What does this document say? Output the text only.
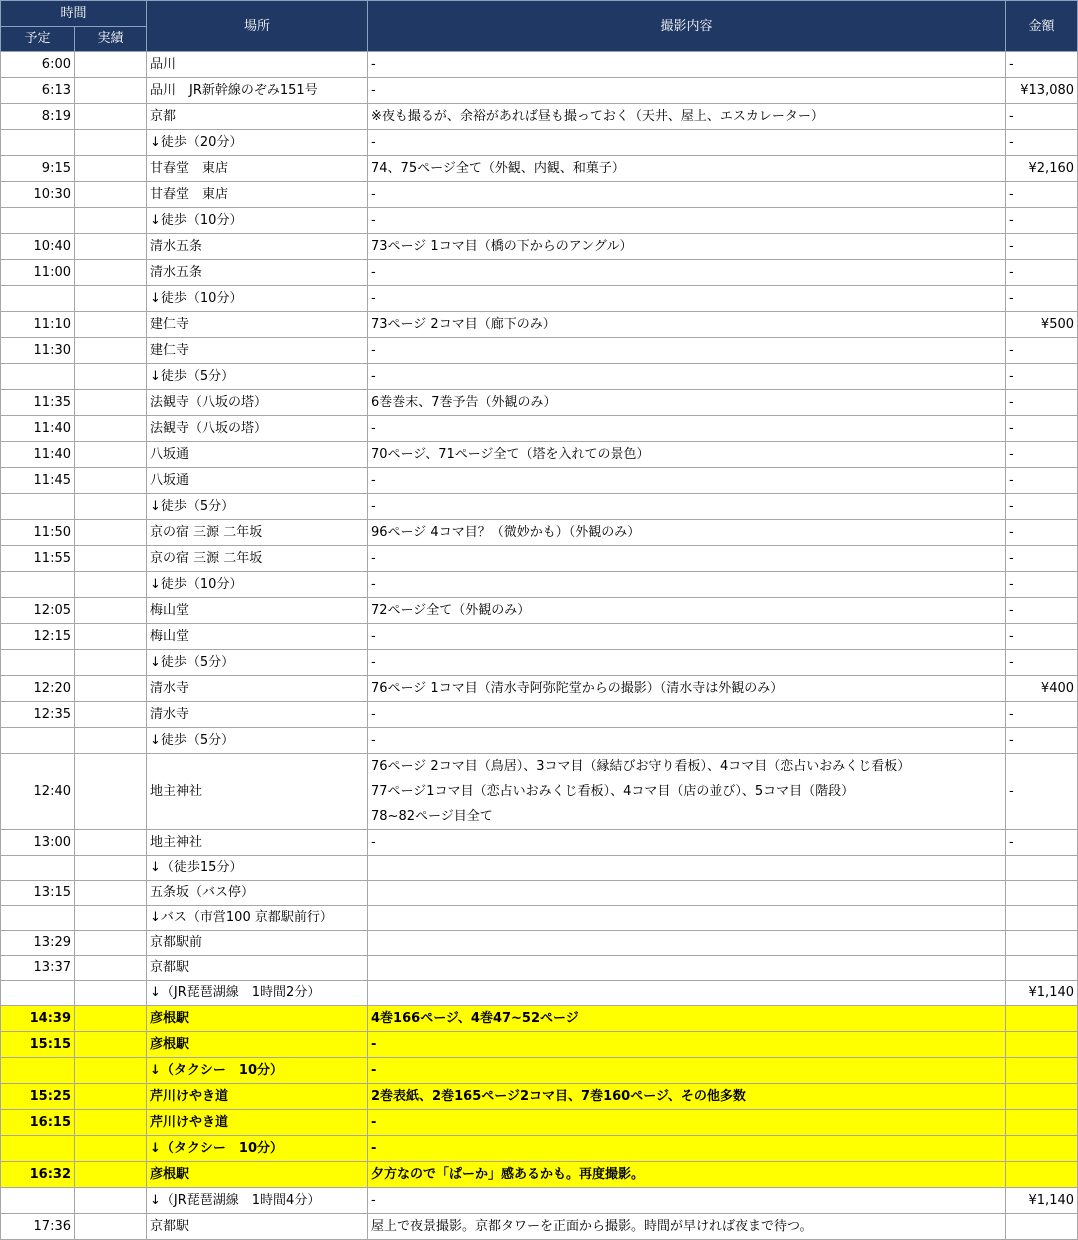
時間		場所	撮影内容	金額
予定	実績			
6:00		品川	-	-
6:13		品川　JR新幹線のぞみ151号	-	¥13,080
8:19		京都	※夜も撮るが、余裕があれば昼も撮っておく（天井、屋上、エスカレーター）	-
		↓徒歩（20分）	-	-
9:15		甘春堂　東店	74、75ページ全て（外観、内観、和菓子）	¥2,160
10:30		甘春堂　東店	-	-
		↓徒歩（10分）	-	-
10:40		清水五条	73ページ 1コマ目（橋の下からのアングル）	-
11:00		清水五条	-	-
		↓徒歩（10分）	-	-
11:10		建仁寺	73ページ 2コマ目（廊下のみ）	¥500
11:30		建仁寺	-	-
		↓徒歩（5分）	-	-
11:35		法観寺（八坂の塔）	6巻巻末、7巻予告（外観のみ）	-
11:40		法観寺（八坂の塔）	-	-
11:40		八坂通	70ページ、71ページ全て（塔を入れての景色）	-
11:45		八坂通	-	-
		↓徒歩（5分）	-	-
11:50		京の宿 三源 二年坂	96ページ 4コマ目？（微妙かも）（外観のみ）	-
11:55		京の宿 三源 二年坂	-	-
		↓徒歩（10分）	-	-
12:05		梅山堂	72ページ全て（外観のみ）	-
12:15		梅山堂	-	-
		↓徒歩（5分）	-	-
12:20		清水寺	76ページ 1コマ目（清水寺阿弥陀堂からの撮影）（清水寺は外観のみ）	¥400
12:35		清水寺	-	-
		↓徒歩（5分）	-	-
12:40		地主神社	76ページ 2コマ目（鳥居）、3コマ目（縁結びお守り看板）、4コマ目（恋占いおみくじ看板）
77ページ1コマ目（恋占いおみくじ看板）、4コマ目（店の並び）、5コマ目（階段）
78~82ページ目全て	-
13:00		地主神社	-	-
		↓（徒歩15分）	

13:15		五条坂（バス停）	

		↓バス（市営100 京都駅前行）	

13:29		京都駅前	

13:37		京都駅	

		↓（JR琵琶湖線　1時間2分）		¥1,140
14:39		彦根駅	4巻166ページ、4巻47~52ページ	

15:15		彦根駅	-	

		↓（タクシー　10分）	-	

15:25		芹川けやき道	2巻表紙、2巻165ページ2コマ目、7巻160ページ、その他多数	

16:15		芹川けやき道	-	

		↓（タクシー　10分）	-	

16:32		彦根駅	夕方なので「ぱーか」感あるかも。再度撮影。	

		↓（JR琵琶湖線　1時間4分）	-	¥1,140
17:36		京都駅	屋上で夜景撮影。京都タワーを正面から撮影。時間が早ければ夜まで待つ。	
